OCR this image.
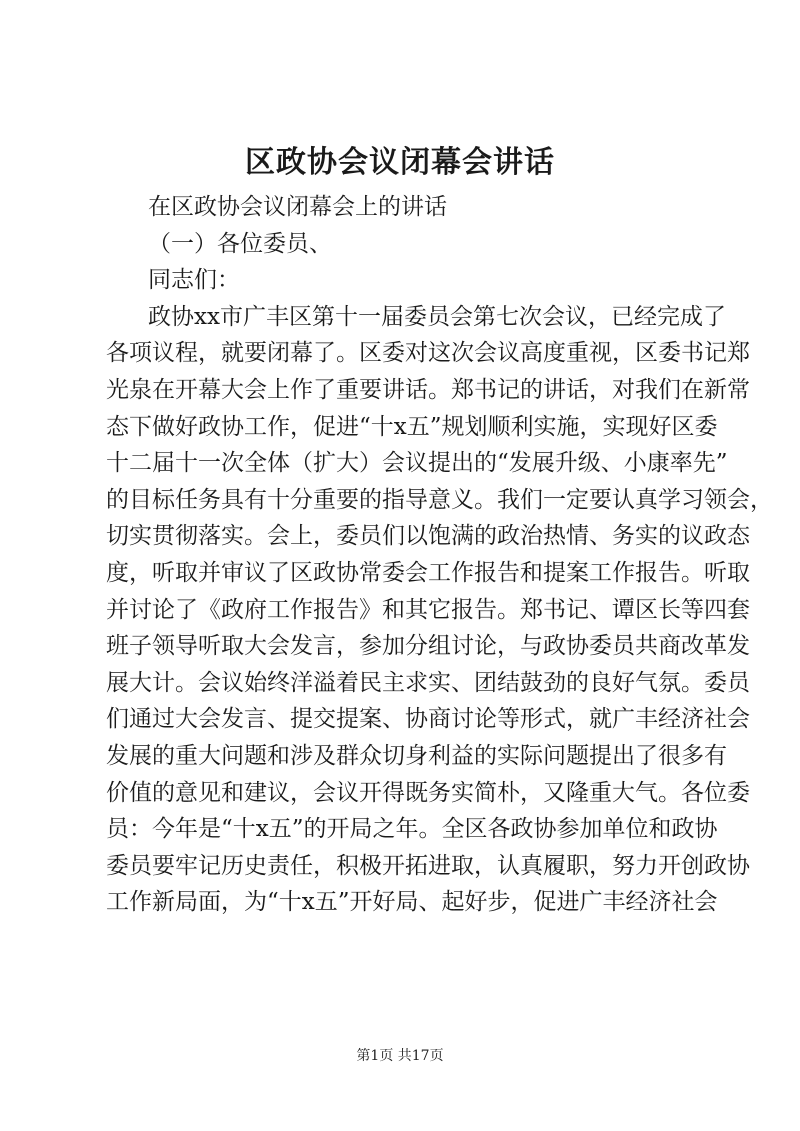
区政协会议闭幕会讲话
在区政协会议闭幕会上的讲话
（一）各位委员、
同志们：
政协xx市广丰区第十一届委员会第七次会议，已经完成了
各项议程，就要闭幕了。区委对这次会议高度重视，区委书记郑
光泉在开幕大会上作了重要讲话。郑书记的讲话，对我们在新常
态下做好政协工作，促进“十x五”规划顺利实施，实现好区委
十二届十一次全体（扩大）会议提出的“发展升级、小康率先”
的目标任务具有十分重要的指导意义。我们一定要认真学习领会，
切实贯彻落实。会上，委员们以饱满的政治热情、务实的议政态
度，听取并审议了区政协常委会工作报告和提案工作报告。听取
并讨论了《政府工作报告》和其它报告。郑书记、谭区长等四套
班子领导听取大会发言，参加分组讨论，与政协委员共商改革发
展大计。会议始终洋溢着民主求实、团结鼓劲的良好气氛。委员
们通过大会发言、提交提案、协商讨论等形式，就广丰经济社会
发展的重大问题和涉及群众切身利益的实际问题提出了很多有
价值的意见和建议，会议开得既务实简朴，又隆重大气。各位委
员：今年是“十x五”的开局之年。全区各政协参加单位和政协
委员要牢记历史责任，积极开拓进取，认真履职，努力开创政协
工作新局面，为“十x五”开好局、起好步，促进广丰经济社会
第1页 共17页
